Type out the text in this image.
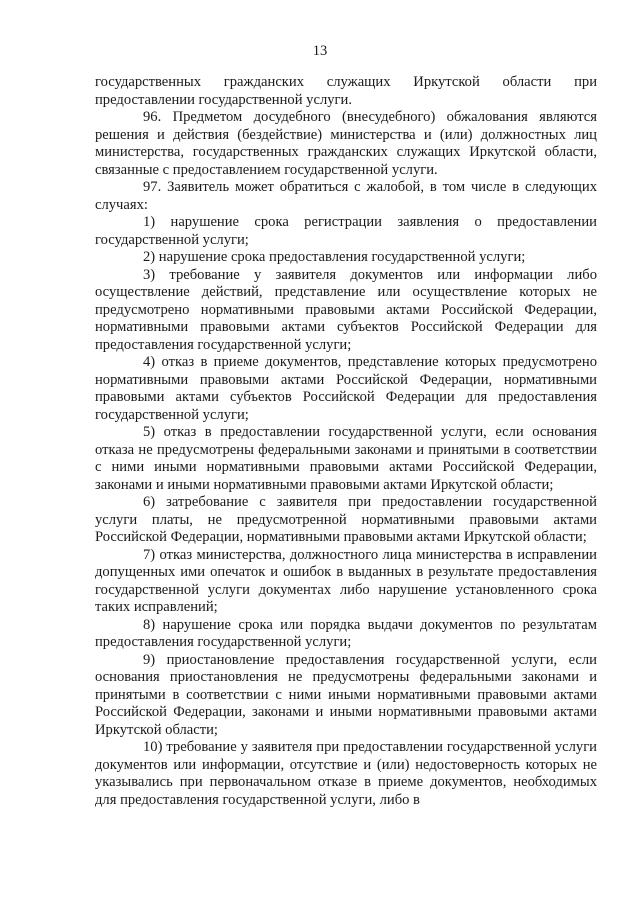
13

государственных гражданских служащих Иркутской области при предоставлении государственной услуги.

96. Предметом досудебного (внесудебного) обжалования являются решения и действия (бездействие) министерства и (или) должностных лиц министерства, государственных гражданских служащих Иркутской области, связанные с предоставлением государственной услуги.

97. Заявитель может обратиться с жалобой, в том числе в следующих случаях:

1) нарушение срока регистрации заявления о предоставлении государственной услуги;

2) нарушение срока предоставления государственной услуги;

3) требование у заявителя документов или информации либо осуществление действий, представление или осуществление которых не предусмотрено нормативными правовыми актами Российской Федерации, нормативными правовыми актами субъектов Российской Федерации для предоставления государственной услуги;

4) отказ в приеме документов, представление которых предусмотрено нормативными правовыми актами Российской Федерации, нормативными правовыми актами субъектов Российской Федерации для предоставления государственной услуги;

5) отказ в предоставлении государственной услуги, если основания отказа не предусмотрены федеральными законами и принятыми в соответствии с ними иными нормативными правовыми актами Российской Федерации, законами и иными нормативными правовыми актами Иркутской области;

6) затребование с заявителя при предоставлении государственной услуги платы, не предусмотренной нормативными правовыми актами Российской Федерации, нормативными правовыми актами Иркутской области;

7) отказ министерства, должностного лица министерства в исправлении допущенных ими опечаток и ошибок в выданных в результате предоставления государственной услуги документах либо нарушение установленного срока таких исправлений;

8) нарушение срока или порядка выдачи документов по результатам предоставления государственной услуги;

9) приостановление предоставления государственной услуги, если основания приостановления не предусмотрены федеральными законами и принятыми в соответствии с ними иными нормативными правовыми актами Российской Федерации, законами и иными нормативными правовыми актами Иркутской области;

10) требование у заявителя при предоставлении государственной услуги документов или информации, отсутствие и (или) недостоверность которых не указывались при первоначальном отказе в приеме документов, необходимых для предоставления государственной услуги, либо в
